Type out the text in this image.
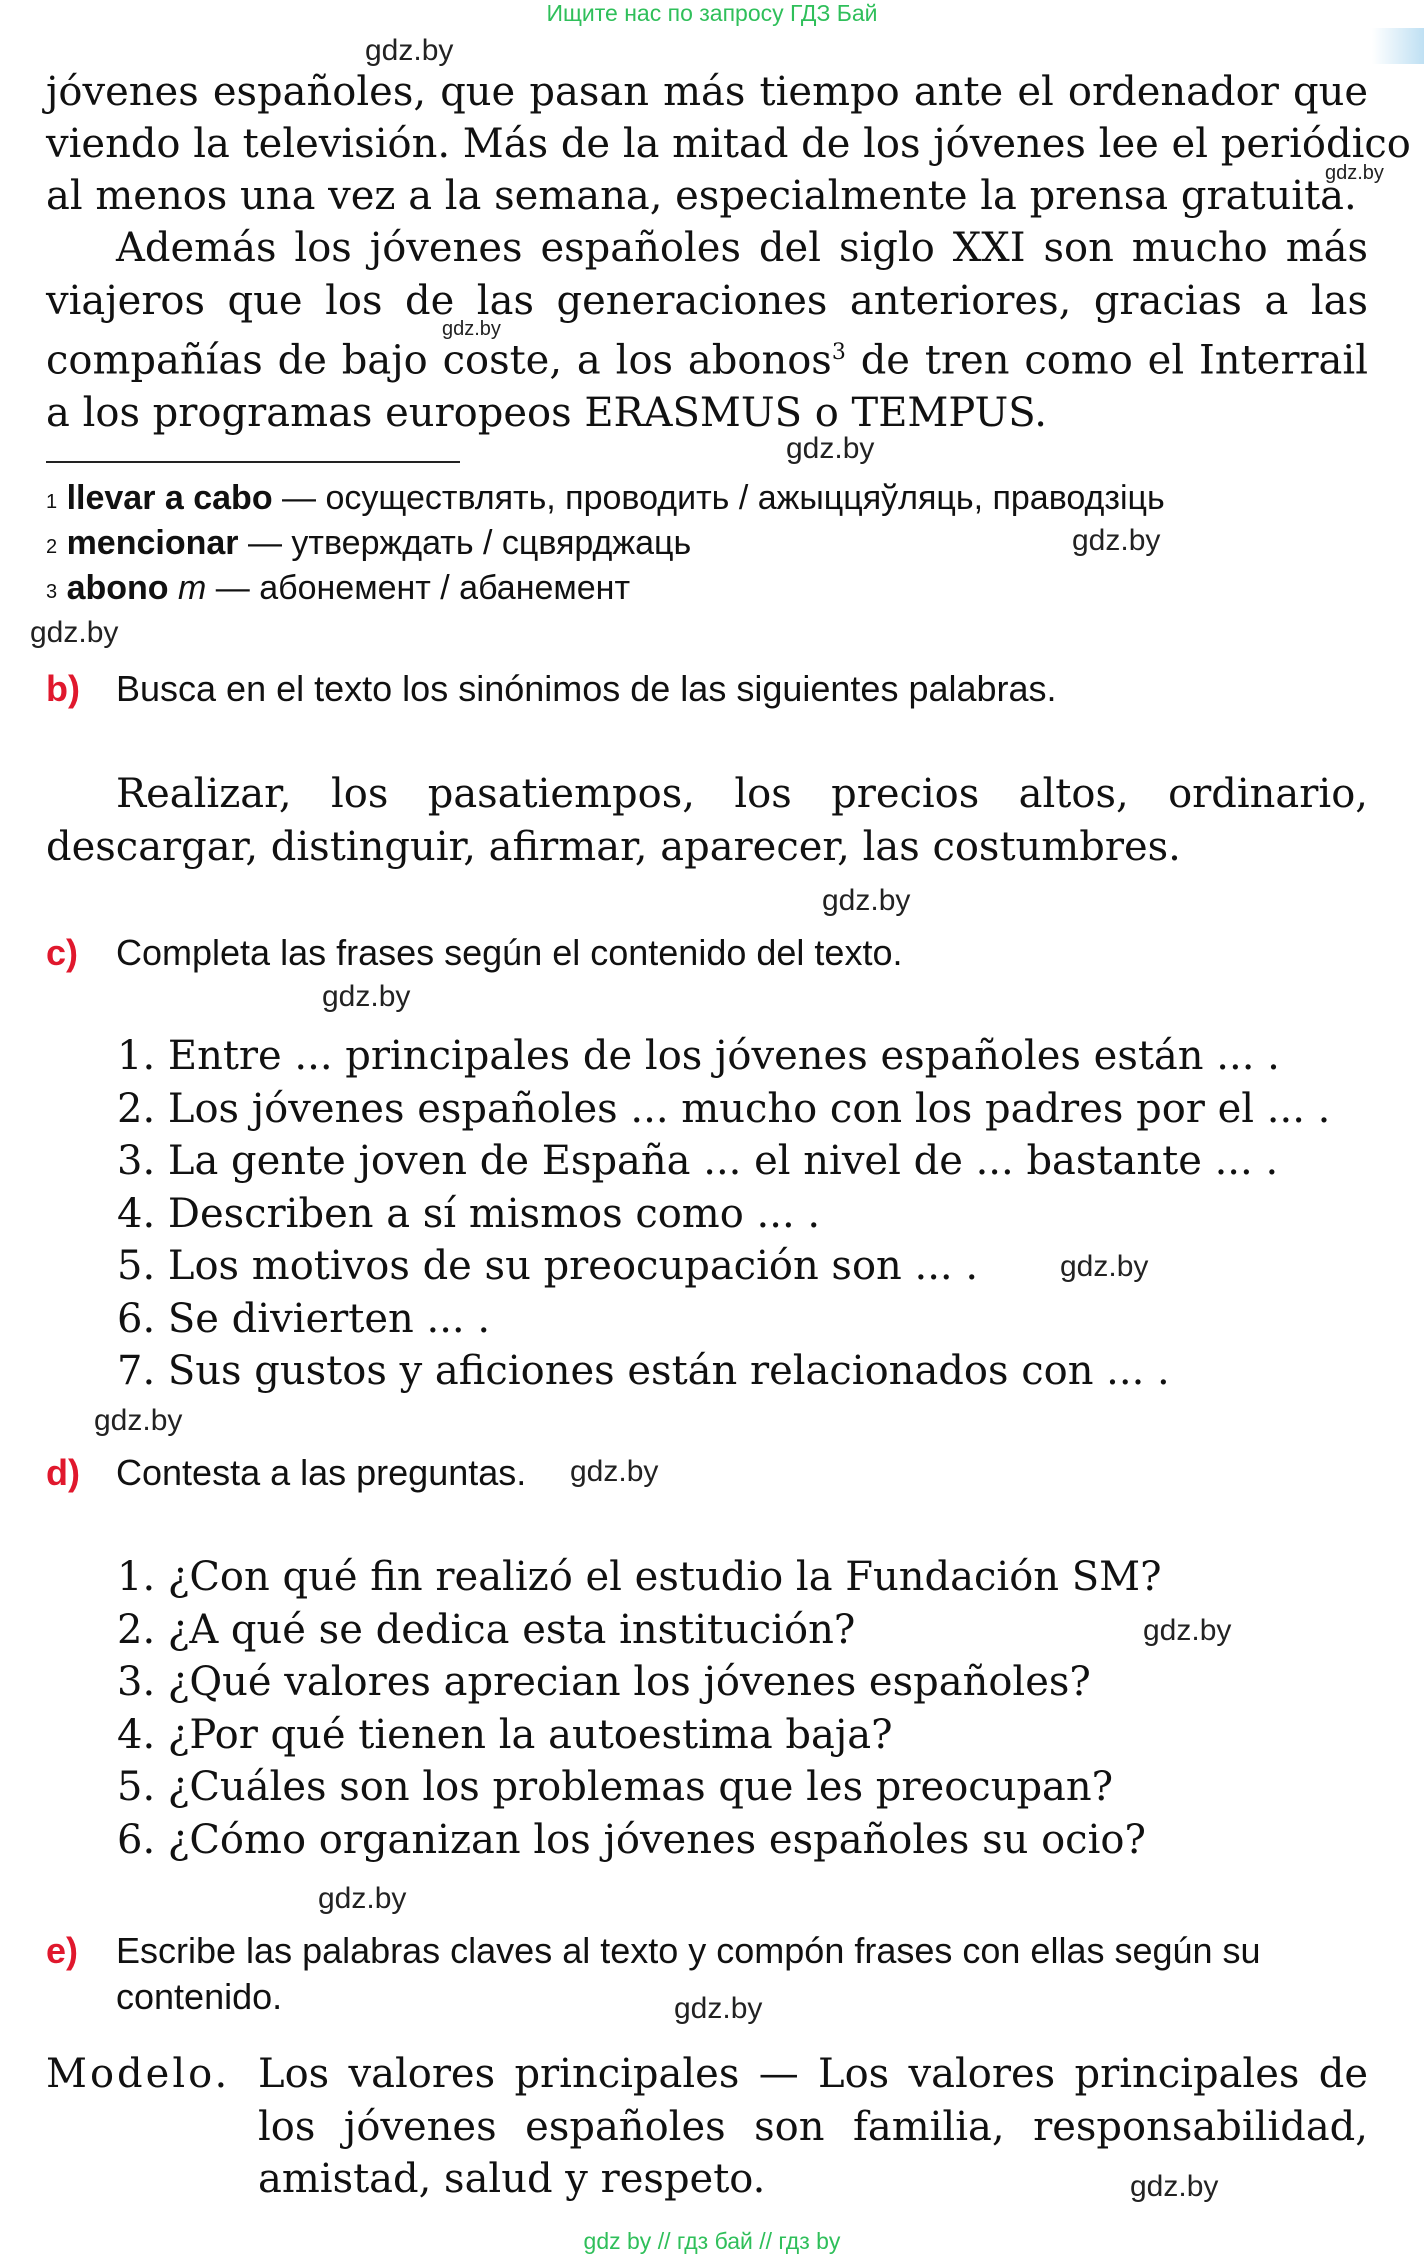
Ищите нас по запросу ГДЗ Бай
jóvenes españoles, que pasan más tiempo ante el ordenador que
viendo la televisión. Más de la mitad de los jóvenes lee el periódico
al menos una vez a la semana, especialmente la prensa gratuita.

Además los jóvenes españoles del siglo XXI son mucho más viajeros que los de las generaciones anteriores, gracias a las compañías de bajo coste, a los abonos$^3$ de tren como el Interrail a los programas europeos ERASMUS o TEMPUS.

$^1$ llevar a cabo — осуществлять, проводить / ажыццяўляць, праводзіць
$^2$ mencionar — утверждать / сцвярджаць
$^3$ abono m — абонемент / абанемент
b) Busca en el texto los sinónimos de las siguientes palabras.

Realizar, los pasatiempos, los precios altos, ordinario, descargar, distinguir, afirmar, aparecer, las costumbres.

c) Completa las frases según el contenido del texto.
1. Entre ... principales de los jóvenes españoles están ... .
2. Los jóvenes españoles ... mucho con los padres por el ... .
3. La gente joven de España ... el nivel de ... bastante ... .
4. Describen a sí mismos como ... .
5. Los motivos de su preocupación son ... .
6. Se divierten ... .
7. Sus gustos y aficiones están relacionados con ... .
d) Contesta a las preguntas.
1. ¿Con qué fin realizó el estudio la Fundación SM?
2. ¿A qué se dedica esta institución?
3. ¿Qué valores aprecian los jóvenes españoles?
4. ¿Por qué tienen la autoestima baja?
5. ¿Cuáles son los problemas que les preocupan?
6. ¿Cómo organizan los jóvenes españoles su ocio?
e) Escribe las palabras claves al texto y compón frases con ellas según su contenido.
Modelo. Los valores principales — Los valores principales de los jóvenes españoles son familia, responsabilidad, amistad, salud y respeto.

gdz.by
gdz.by
gdz.by
gdz.by
gdz.by
gdz.by
gdz.by
gdz.by
gdz.by
gdz.by
gdz.by
gdz.by
gdz.by
gdz.by
gdz.by
gdz by // гдз бай // гдз by
